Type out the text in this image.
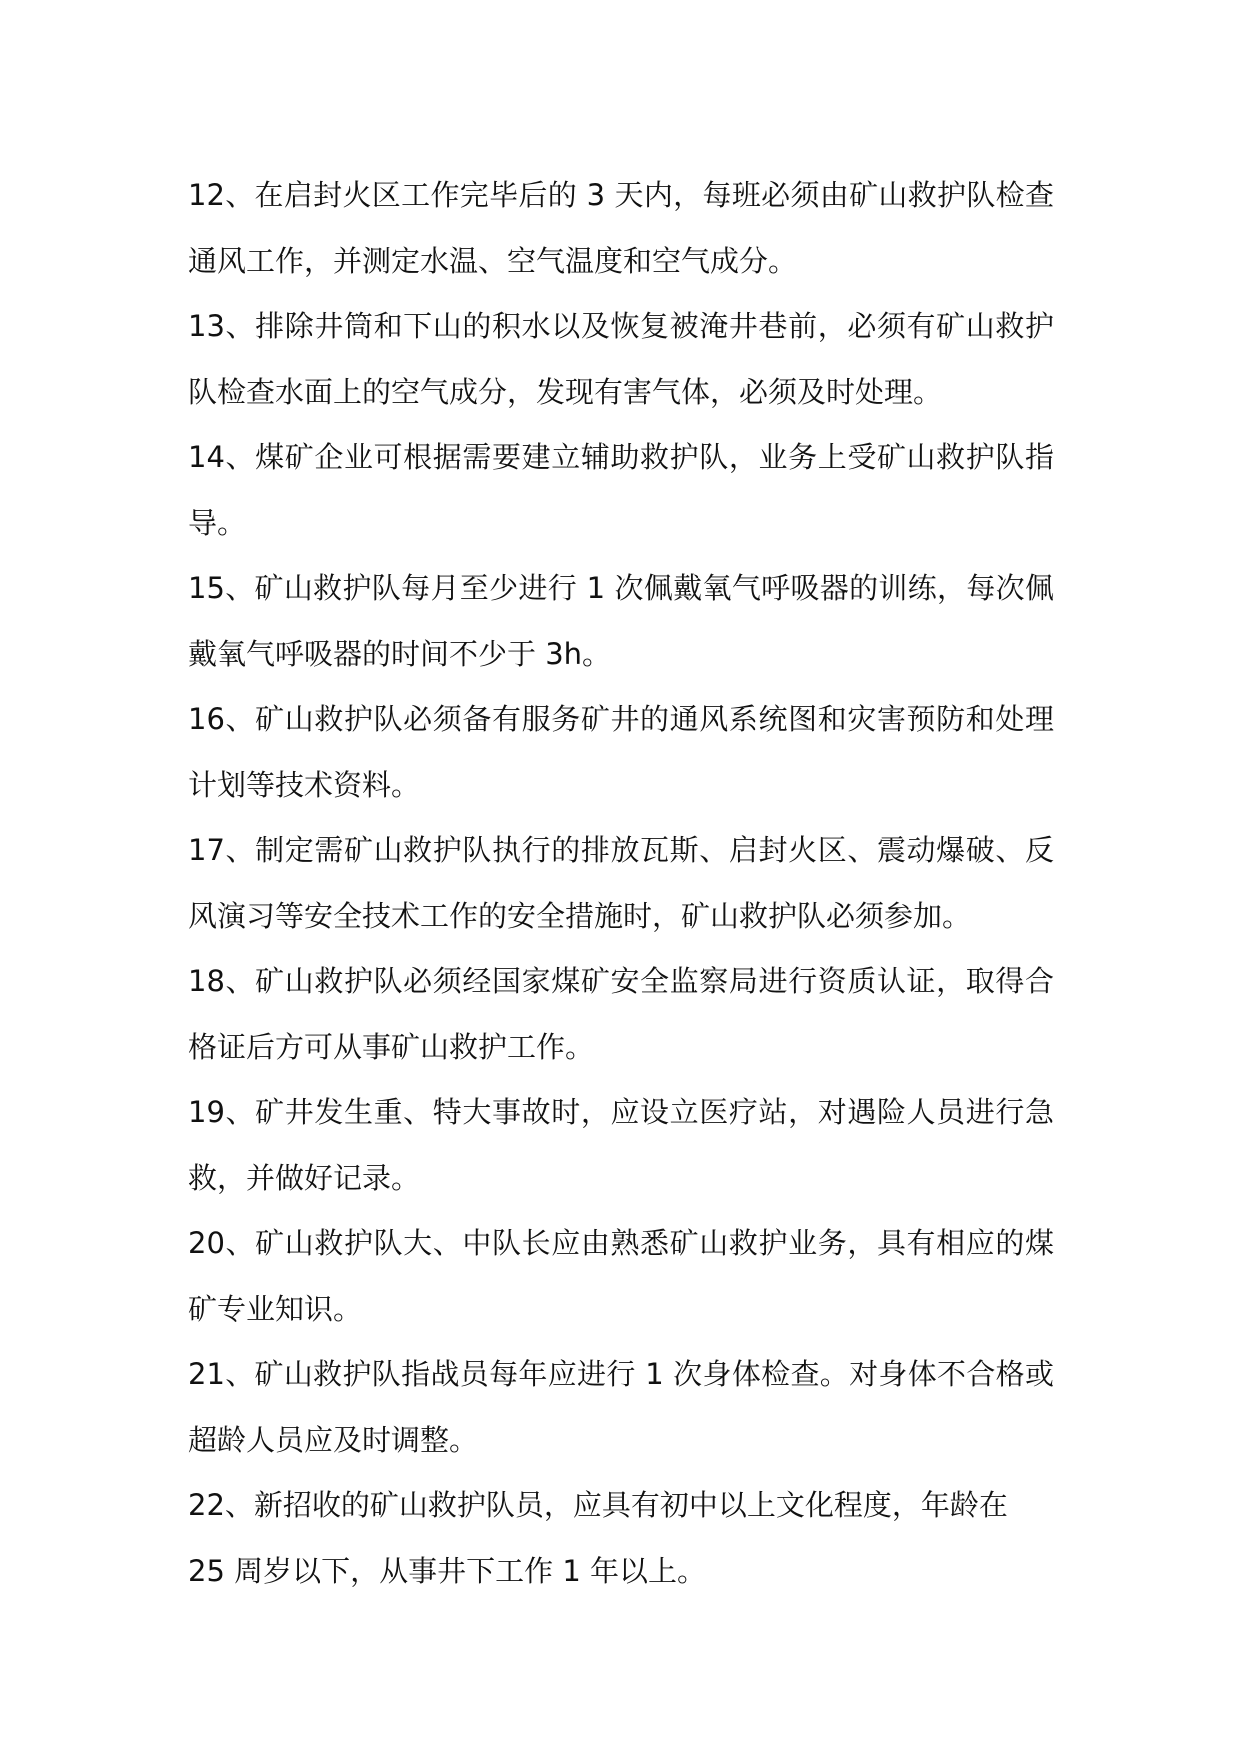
12、在启封火区工作完毕后的 3 天内，每班必须由矿山救护队检查通风工作，并测定水温、空气温度和空气成分。

13、排除井筒和下山的积水以及恢复被淹井巷前，必须有矿山救护队检查水面上的空气成分，发现有害气体，必须及时处理。

14、煤矿企业可根据需要建立辅助救护队，业务上受矿山救护队指导。

15、矿山救护队每月至少进行 1 次佩戴氧气呼吸器的训练，每次佩戴氧气呼吸器的时间不少于 3h。

16、矿山救护队必须备有服务矿井的通风系统图和灾害预防和处理计划等技术资料。

17、制定需矿山救护队执行的排放瓦斯、启封火区、震动爆破、反风演习等安全技术工作的安全措施时，矿山救护队必须参加。

18、矿山救护队必须经国家煤矿安全监察局进行资质认证，取得合格证后方可从事矿山救护工作。

19、矿井发生重、特大事故时，应设立医疗站，对遇险人员进行急救，并做好记录。

20、矿山救护队大、中队长应由熟悉矿山救护业务，具有相应的煤矿专业知识。

21、矿山救护队指战员每年应进行 1 次身体检查。对身体不合格或超龄人员应及时调整。

22、新招收的矿山救护队员，应具有初中以上文化程度，年龄在

25 周岁以下，从事井下工作 1 年以上。
